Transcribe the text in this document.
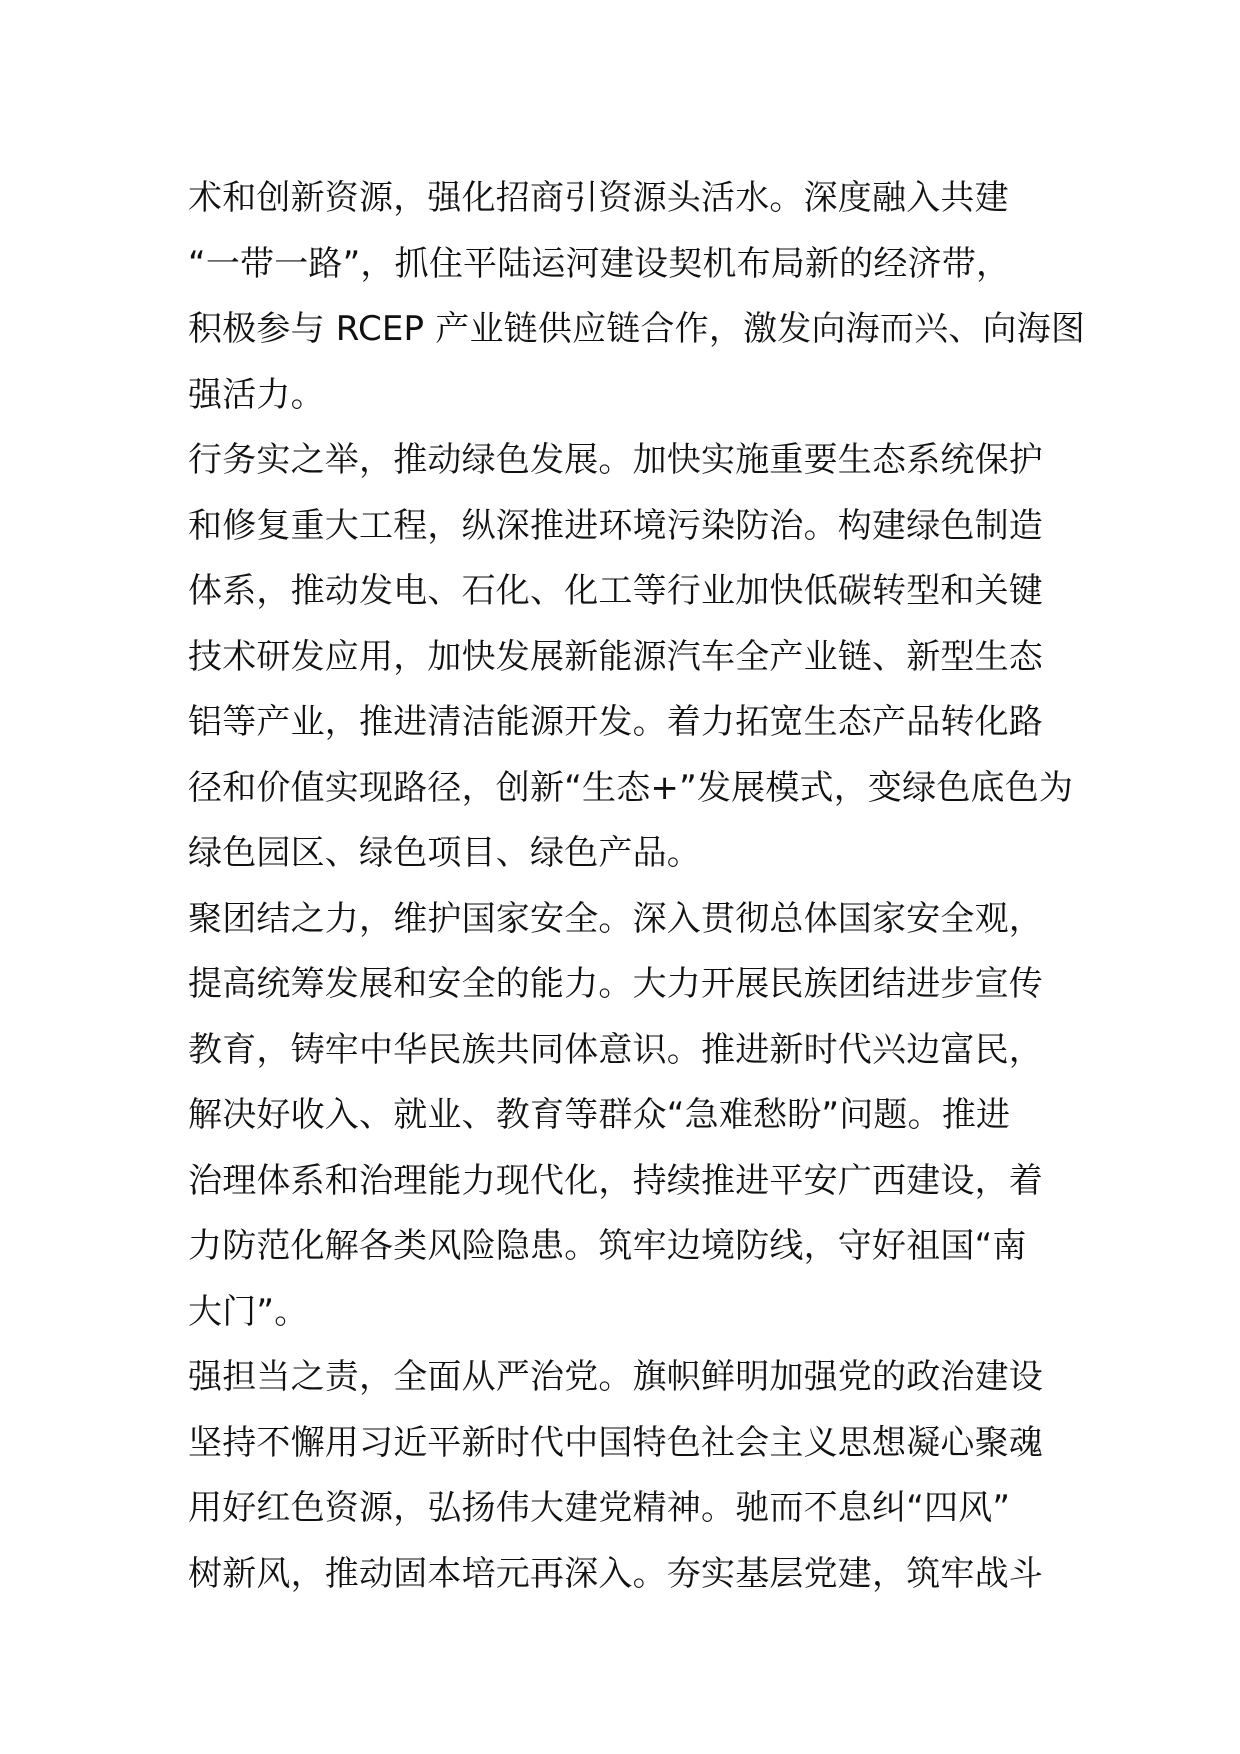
术和创新资源，强化招商引资源头活水。深度融入共建
“一带一路”，抓住平陆运河建设契机布局新的经济带，
积极参与 RCEP 产业链供应链合作，激发向海而兴、向海图
强活力。
行务实之举，推动绿色发展。加快实施重要生态系统保护
和修复重大工程，纵深推进环境污染防治。构建绿色制造
体系，推动发电、石化、化工等行业加快低碳转型和关键
技术研发应用，加快发展新能源汽车全产业链、新型生态
铝等产业，推进清洁能源开发。着力拓宽生态产品转化路
径和价值实现路径，创新“生态+”发展模式，变绿色底色为
绿色园区、绿色项目、绿色产品。
聚团结之力，维护国家安全。深入贯彻总体国家安全观，
提高统筹发展和安全的能力。大力开展民族团结进步宣传
教育，铸牢中华民族共同体意识。推进新时代兴边富民，
解决好收入、就业、教育等群众“急难愁盼”问题。推进
治理体系和治理能力现代化，持续推进平安广西建设，着
力防范化解各类风险隐患。筑牢边境防线，守好祖国“南
大门”。
强担当之责，全面从严治党。旗帜鲜明加强党的政治建设
坚持不懈用习近平新时代中国特色社会主义思想凝心聚魂
用好红色资源，弘扬伟大建党精神。驰而不息纠“四风”
树新风，推动固本培元再深入。夯实基层党建，筑牢战斗
